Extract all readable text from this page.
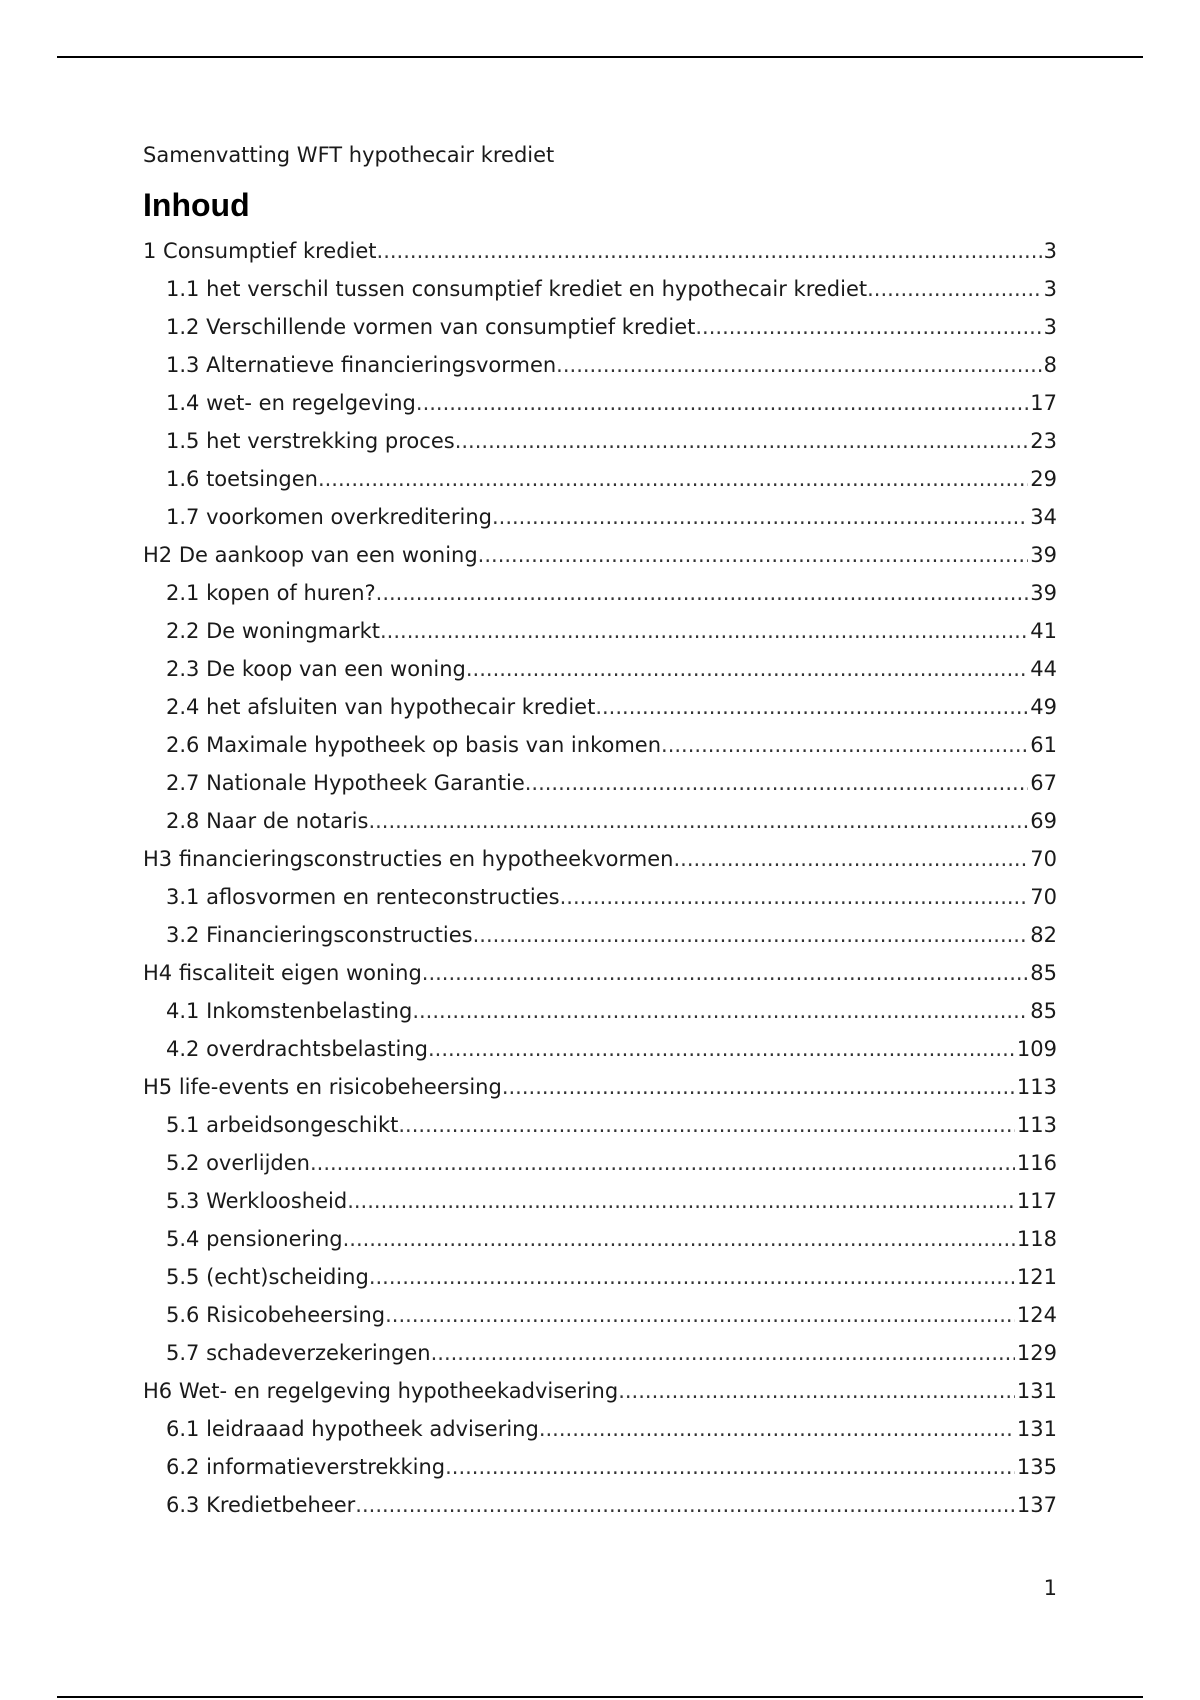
Samenvatting WFT hypothecair krediet

Inhoud
1 Consumptief krediet .....	3
1.1 het verschil tussen consumptief krediet en hypothecair krediet .....	3
1.2 Verschillende vormen van consumptief krediet .....	3
1.3 Alternatieve financieringsvormen .....	8
1.4 wet- en regelgeving .....	17
1.5 het verstrekking proces .....	23
1.6 toetsingen .....	29
1.7 voorkomen overkreditering .....	34
H2 De aankoop van een woning .....	39
2.1 kopen of huren? .....	39
2.2 De woningmarkt .....	41
2.3 De koop van een woning .....	44
2.4 het afsluiten van hypothecair krediet .....	49
2.6 Maximale hypotheek op basis van inkomen .....	61
2.7 Nationale Hypotheek Garantie .....	67
2.8 Naar de notaris .....	69
H3 financieringsconstructies en hypotheekvormen .....	70
3.1 aflosvormen en renteconstructies .....	70
3.2 Financieringsconstructies .....	82
H4 fiscaliteit eigen woning .....	85
4.1 Inkomstenbelasting .....	85
4.2 overdrachtsbelasting .....	109
H5 life-events en risicobeheersing .....	113
5.1 arbeidsongeschikt .....	113
5.2 overlijden .....	116
5.3 Werkloosheid .....	117
5.4 pensionering .....	118
5.5 (echt)scheiding .....	121
5.6 Risicobeheersing .....	124
5.7 schadeverzekeringen .....	129
H6 Wet- en regelgeving hypotheekadvisering .....	131
6.1 leidraaad hypotheek advisering .....	131
6.2 informatieverstrekking .....	135
6.3 Kredietbeheer .....	137
1
